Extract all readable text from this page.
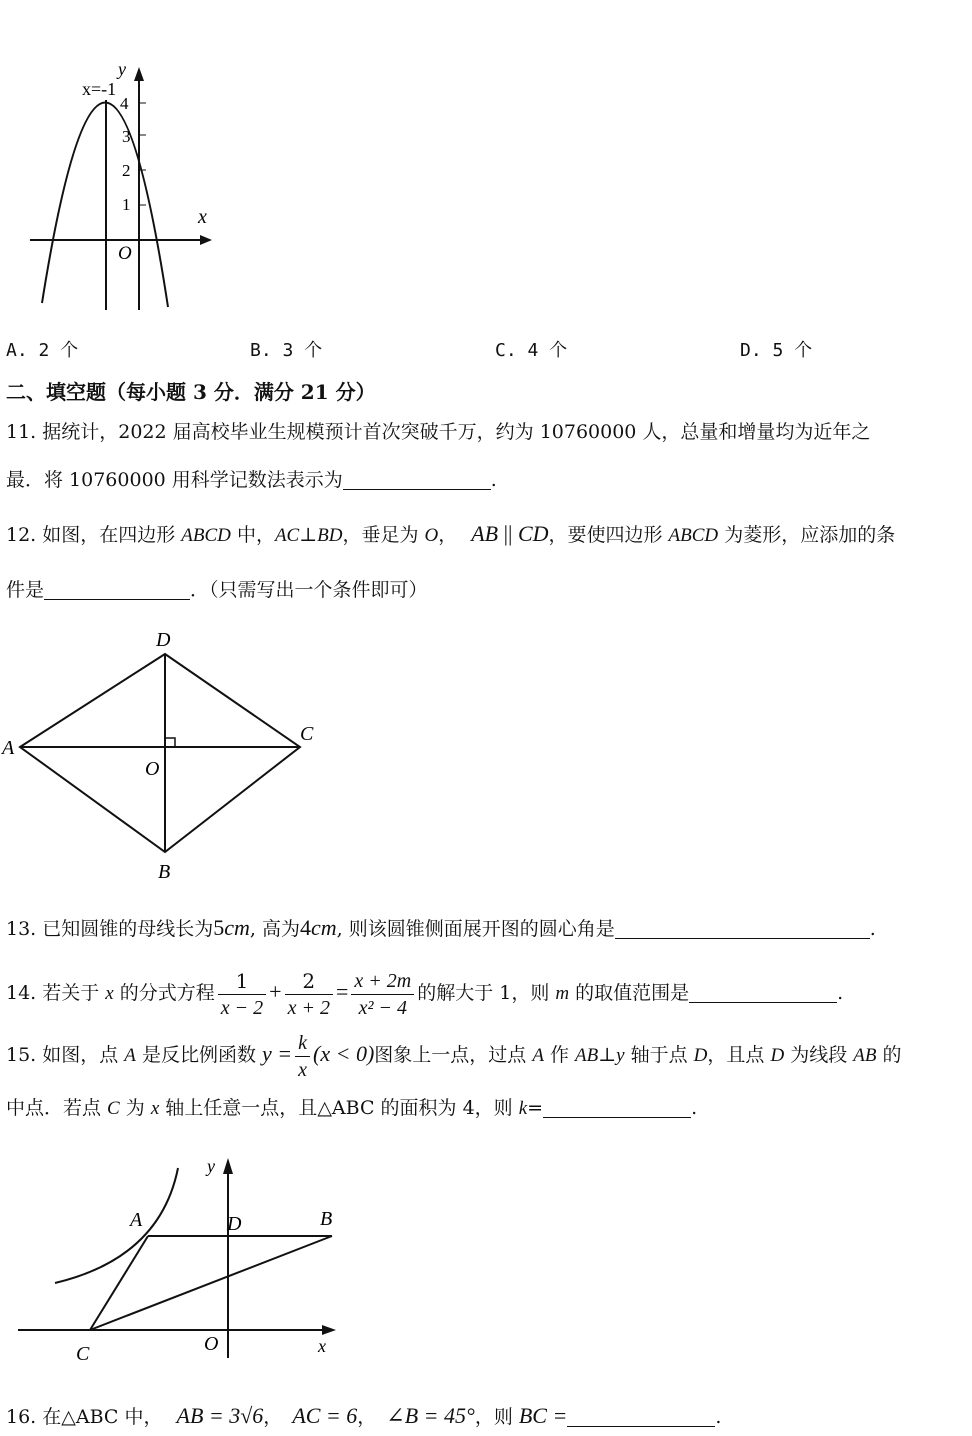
y
x
O
x=-1
4
3
2
1
A. 2 个	B. 3 个	C. 4 个	D. 5 个
二、填空题（每小题 3 分．满分 21 分）
11. 据统计，2022 届高校毕业生规模预计首次突破千万，约为 10760000 人，总量和增量均为近年之
最．将 10760000 用科学记数法表示为	.
12. 如图，在四边形 ABCD 中，AC⊥BD，垂足为 O， AB || CD，要使四边形 ABCD 为菱形，应添加的条
件是	．（只需写出一个条件即可）
D
A
C
O
B
13. 已知圆锥的母线长为5cm, 高为4cm, 则该圆锥侧面展开图的圆心角是	.
14. 若关于 x 的分式方程 $\frac{1}{x - 2} + \frac{2}{x + 2} = \frac{x + 2m}{\text{x² − 4}}$ 的解大于 1，则 m 的取值范围是	.
15. 如图，点 A 是反比例函数 $y = \frac{k}{x} (x < 0)$图象上一点，过点 A 作 AB⊥y 轴于点 D，且点 D 为线段 AB 的
中点．若点 C 为 x 轴上任意一点，且△ABC 的面积为 4，则 k=	.
y
A	D	B
C	O	x
16. 在△ABC 中， AB = 3√6， AC = 6， ∠B = 45°，则 BC =	.
